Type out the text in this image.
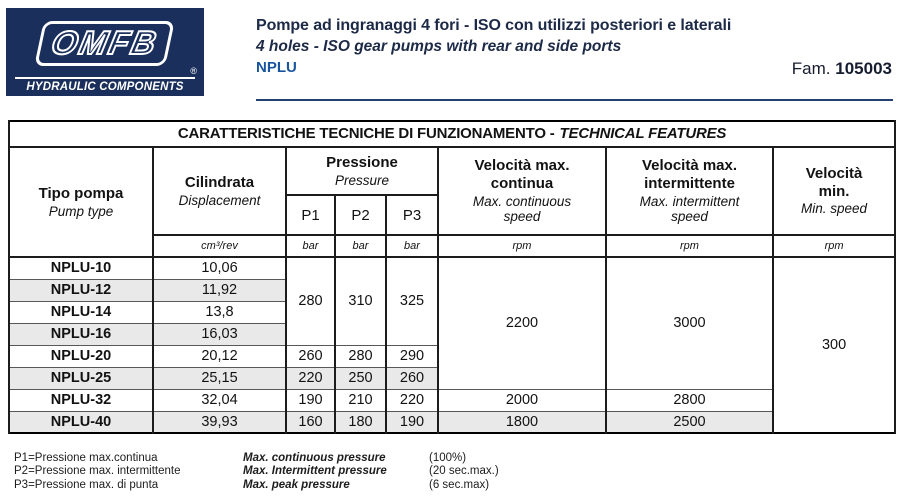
OMFB
®
HYDRAULIC COMPONENTS
Pompe ad ingranaggi 4 fori - ISO con utilizzi posteriori e laterali
4 holes - ISO gear pumps with rear and side ports
NPLU	Fam. 105003
CARATTERISTICHE TECNICHE DI FUNZIONAMENTO - TECHNICAL FEATURES							

Tipo pompa
Pump type

Cilindrata
Displacement

Pressione
Pressure

Velocità max. continua
Max. continuous speed

Velocità max. intermittente
Max. intermittent speed

Velocità min.
Min. speed

		P1	P2	P3			
	cm³/rev	bar	bar	bar	rpm	rpm	rpm
NPLU-10	10,06	280	310	325	2200	3000	300
NPLU-12	11,92						
NPLU-14	13,8						
NPLU-16	16,03						
NPLU-20	20,12	260	280	290			
NPLU-25	25,15	220	250	260			
NPLU-32	32,04	190	210	220	2000	2800	
NPLU-40	39,93	160	180	190	1800	2500	
P1=Pressione max.continua	Max. continuous pressure	(100%)
P2=Pressione max. intermittente	Max. Intermittent pressure	(20 sec.max.)
P3=Pressione max. di punta	Max. peak pressure	(6 sec.max)
